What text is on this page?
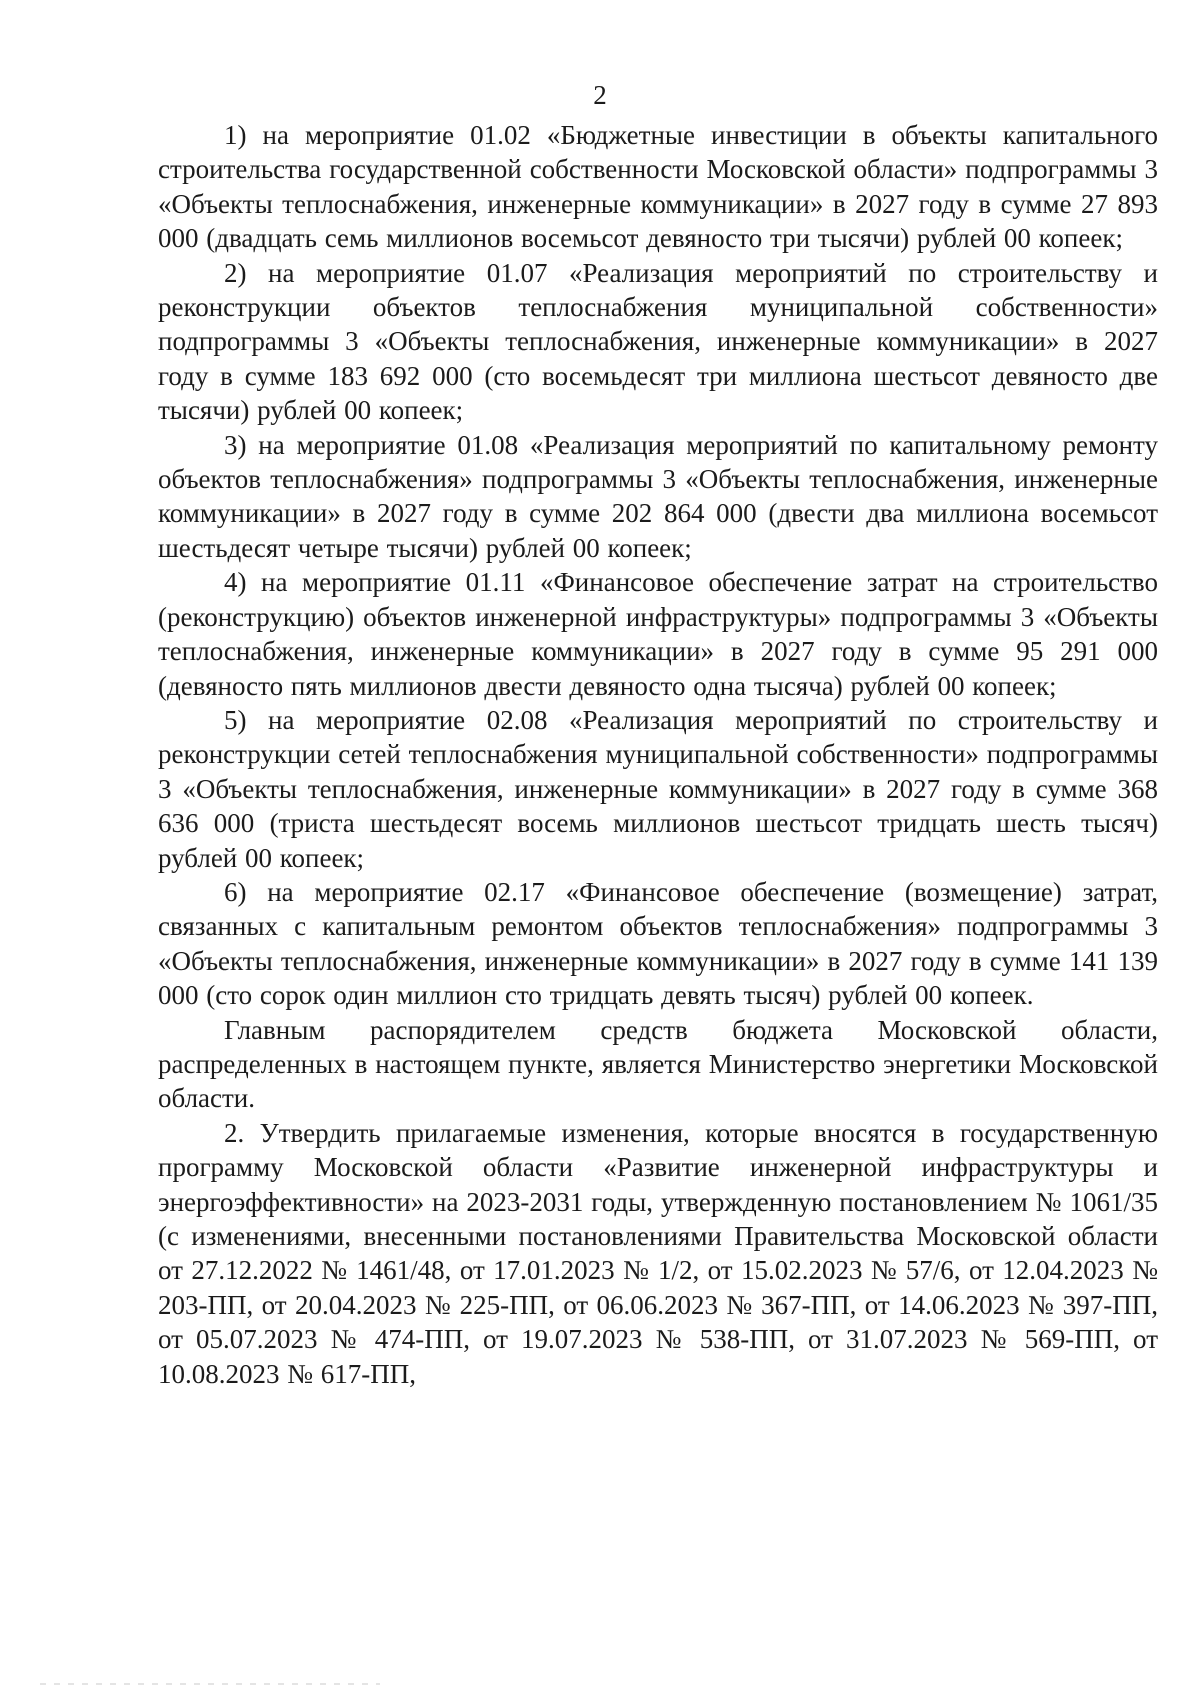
2

1) на мероприятие 01.02 «Бюджетные инвестиции в объекты капитального строительства государственной собственности Московской области» подпрограммы 3 «Объекты теплоснабжения, инженерные коммуникации» в 2027 году в сумме 27 893 000 (двадцать семь миллионов восемьсот девяносто три тысячи) рублей 00 копеек;

2) на мероприятие 01.07 «Реализация мероприятий по строительству и реконструкции объектов теплоснабжения муниципальной собственности» подпрограммы 3 «Объекты теплоснабжения, инженерные коммуникации» в 2027 году в сумме 183 692 000 (сто восемьдесят три миллиона шестьсот девяносто две тысячи) рублей 00 копеек;

3) на мероприятие 01.08 «Реализация мероприятий по капитальному ремонту объектов теплоснабжения» подпрограммы 3 «Объекты теплоснабжения, инженерные коммуникации» в 2027 году в сумме 202 864 000 (двести два миллиона восемьсот шестьдесят четыре тысячи) рублей 00 копеек;

4) на мероприятие 01.11 «Финансовое обеспечение затрат на строительство (реконструкцию) объектов инженерной инфраструктуры» подпрограммы 3 «Объекты теплоснабжения, инженерные коммуникации» в 2027 году в сумме 95 291 000 (девяносто пять миллионов двести девяносто одна тысяча) рублей 00 копеек;

5) на мероприятие 02.08 «Реализация мероприятий по строительству и реконструкции сетей теплоснабжения муниципальной собственности» подпрограммы 3 «Объекты теплоснабжения, инженерные коммуникации» в 2027 году в сумме 368 636 000 (триста шестьдесят восемь миллионов шестьсот тридцать шесть тысяч) рублей 00 копеек;

6) на мероприятие 02.17 «Финансовое обеспечение (возмещение) затрат, связанных с капитальным ремонтом объектов теплоснабжения» подпрограммы 3 «Объекты теплоснабжения, инженерные коммуникации» в 2027 году в сумме 141 139 000 (сто сорок один миллион сто тридцать девять тысяч) рублей 00 копеек.

Главным распорядителем средств бюджета Московской области, распределенных в настоящем пункте, является Министерство энергетики Московской области.

2. Утвердить прилагаемые изменения, которые вносятся в государственную программу Московской области «Развитие инженерной инфраструктуры и энергоэффективности» на 2023-2031 годы, утвержденную постановлением № 1061/35 (с изменениями, внесенными постановлениями Правительства Московской области от 27.12.2022 № 1461/48, от 17.01.2023 № 1/2, от 15.02.2023 № 57/6, от 12.04.2023 № 203-ПП, от 20.04.2023 № 225-ПП, от 06.06.2023 № 367-ПП, от 14.06.2023 № 397-ПП, от 05.07.2023 № 474-ПП, от 19.07.2023 № 538-ПП, от 31.07.2023 № 569-ПП, от 10.08.2023 № 617-ПП,
